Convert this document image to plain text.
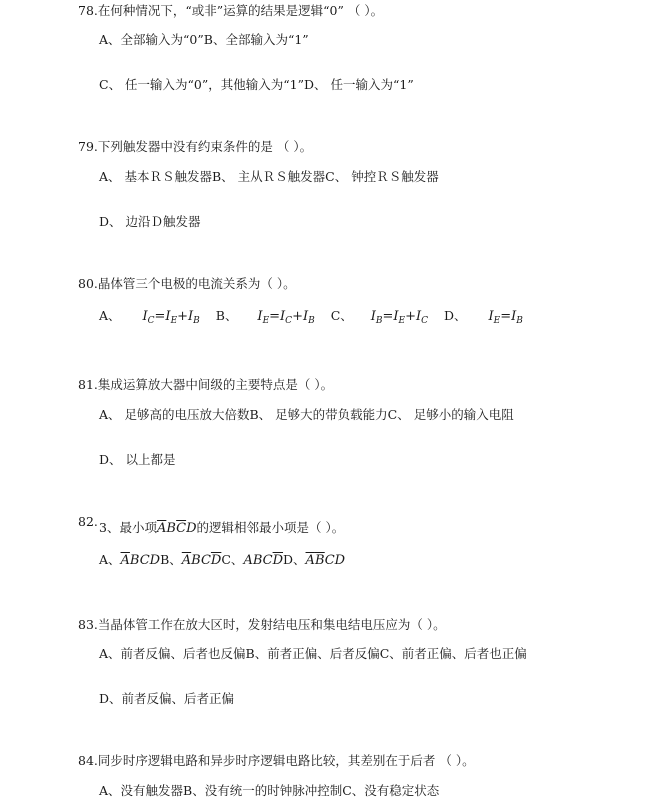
78.在何种情况下，“或非”运算的结果是逻辑“0” （ ）。
A、全部输入为“0”B、全部输入为“1”
C、 任一输入为“0”，其他输入为“1”D、 任一输入为“1”
79.下列触发器中没有约束条件的是 （ ）。
A、 基本ＲＳ触发器B、 主从ＲＳ触发器C、 钟控ＲＳ触发器
D、 边沿Ｄ触发器
80.晶体管三个电极的电流关系为（ ）。
A、 $I_C=I_E+I_B$ B、 $I_E=I_C+I_B$ C、 $I_B=I_E+I_C$ D、 $I_E=I_B$
81.集成运算放大器中间级的主要特点是（ ）。
A、 足够高的电压放大倍数B、 足够大的带负载能力C、 足够小的输入电阻
D、 以上都是
82. 3、最小项$\overline{A}B\overline{C}D$的逻辑相邻最小项是（ ）。
A、$\overline{A}BCDB$、$\overline{A}BC\overline{D}C$、$ABC\overline{D}D$、$\overline{A}\overline{B}CD$
83.当晶体管工作在放大区时，发射结电压和集电结电压应为（ ）。
A、前者反偏、后者也反偏B、前者正偏、后者反偏C、前者正偏、后者也正偏
D、前者反偏、后者正偏
84.同步时序逻辑电路和异步时序逻辑电路比较，其差别在于后者 （ ）。
A、没有触发器B、没有统一的时钟脉冲控制C、没有稳定状态
